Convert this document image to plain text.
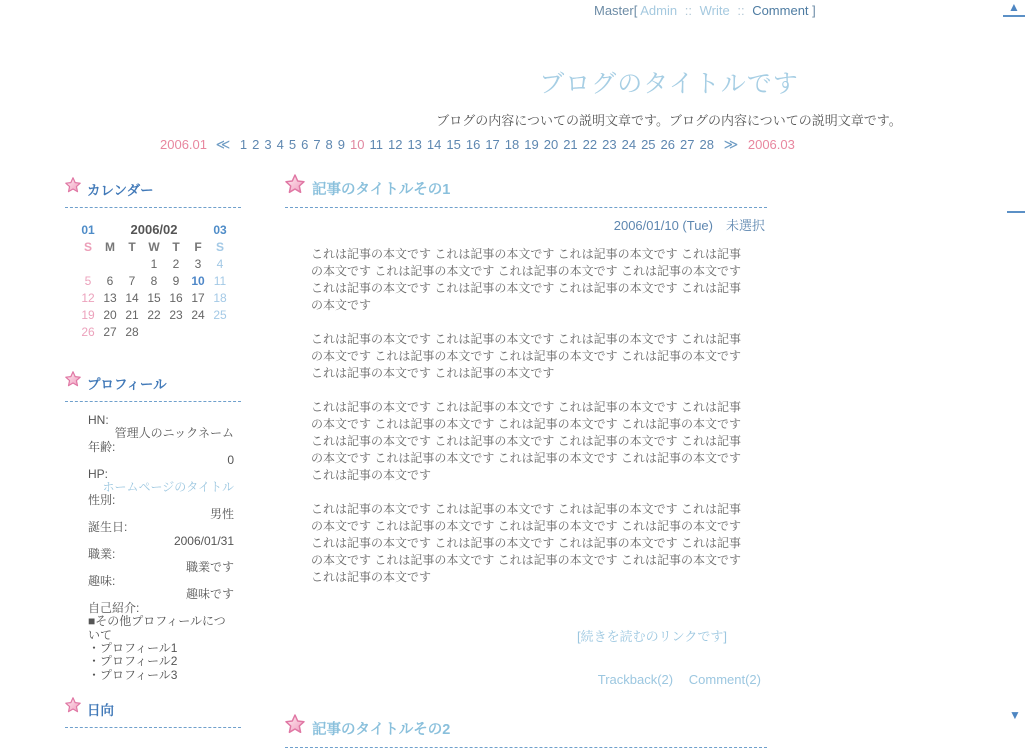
Master[ Admin :: Write :: Comment ]	▲
▼
ブログのタイトルです
ブログの内容についての説明文章です。ブログの内容についての説明文章です。
2006.01 ≪ 1 2 3 4 5 6 7 8 9 10 11 12 13 14 15 16 17 18 19 20 21 22 23 24 25 26 27 28 ≫ 2006.03
カレンダー
01	2006/02					03
S	M	T	W	T	F	S
			1	2	3	4
5	6	7	8	9	10	11
12	13	14	15	16	17	18
19	20	21	22	23	24	25
26	27	28				
プロフィール
HN:
管理人のニックネーム
年齢:
0
HP:
ホームページのタイトル
性別:
男性
誕生日:
2006/01/31
職業:
職業です
趣味:
趣味です
自己紹介:
■その他プロフィールについて
・プロフィール1
・プロフィール2
・プロフィール3
日向
記事のタイトルその1
2006/01/10 (Tue)　未選択

これは記事の本文です これは記事の本文です これは記事の本文です これは記事の本文です これは記事の本文です これは記事の本文です これは記事の本文です これは記事の本文です これは記事の本文です これは記事の本文です これは記事の本文です

これは記事の本文です これは記事の本文です これは記事の本文です これは記事の本文です これは記事の本文です これは記事の本文です これは記事の本文です これは記事の本文です これは記事の本文です

これは記事の本文です これは記事の本文です これは記事の本文です これは記事の本文です これは記事の本文です これは記事の本文です これは記事の本文です これは記事の本文です これは記事の本文です これは記事の本文です これは記事の本文です これは記事の本文です これは記事の本文です これは記事の本文です これは記事の本文です

これは記事の本文です これは記事の本文です これは記事の本文です これは記事の本文です これは記事の本文です これは記事の本文です これは記事の本文です これは記事の本文です これは記事の本文です これは記事の本文です これは記事の本文です これは記事の本文です これは記事の本文です これは記事の本文です これは記事の本文です

[続きを読むのリンクです]
Trackback(2) Comment(2)
記事のタイトルその2
